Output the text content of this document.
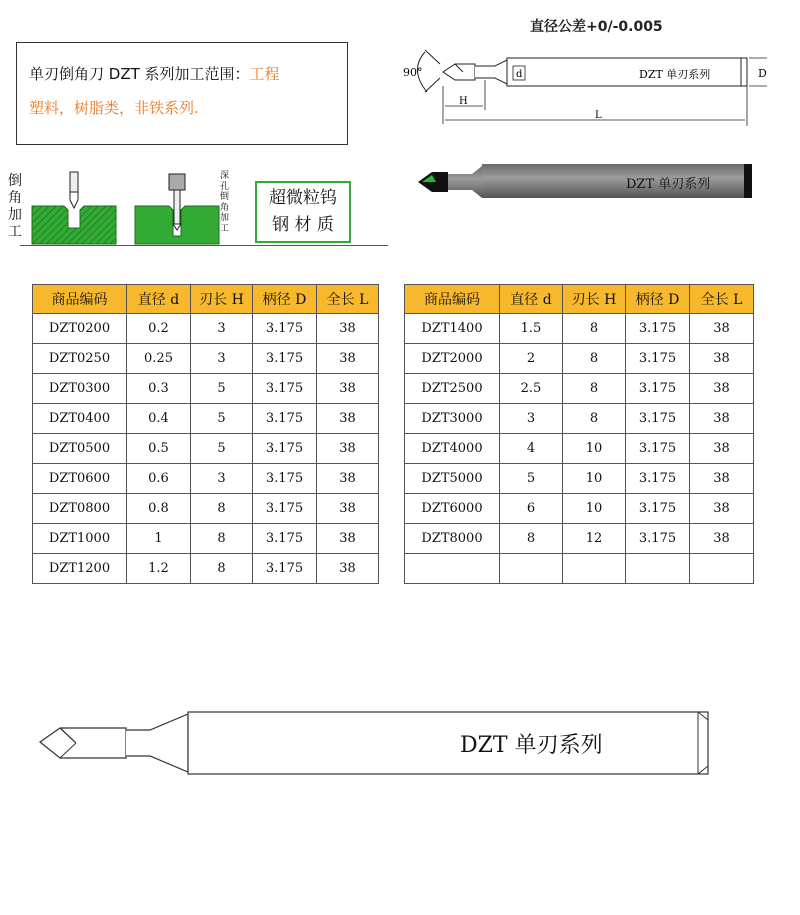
直径公差+0/-0.005
单刃倒角刀 DZT 系列加工范围：工程
塑料，树脂类，非铁系列.
90°	d	D
H
L
DZT 单刃系列
DZT 单刃系列
倒
角
加
工
深
孔
倒
角
加
工
超微粒钨
钢 材 质
商品编码	直径 d	刃长 H	柄径 D	全长 L
DZT0200	0.2	3	3.175	38
DZT0250	0.25	3	3.175	38
DZT0300	0.3	5	3.175	38
DZT0400	0.4	5	3.175	38
DZT0500	0.5	5	3.175	38
DZT0600	0.6	3	3.175	38
DZT0800	0.8	8	3.175	38
DZT1000	1	8	3.175	38
DZT1200	1.2	8	3.175	38
商品编码	直径 d	刃长 H	柄径 D	全长 L
DZT1400	1.5	8	3.175	38
DZT2000	2	8	3.175	38
DZT2500	2.5	8	3.175	38
DZT3000	3	8	3.175	38
DZT4000	4	10	3.175	38
DZT5000	5	10	3.175	38
DZT6000	6	10	3.175	38
DZT8000	8	12	3.175	38

DZT 单刃系列
